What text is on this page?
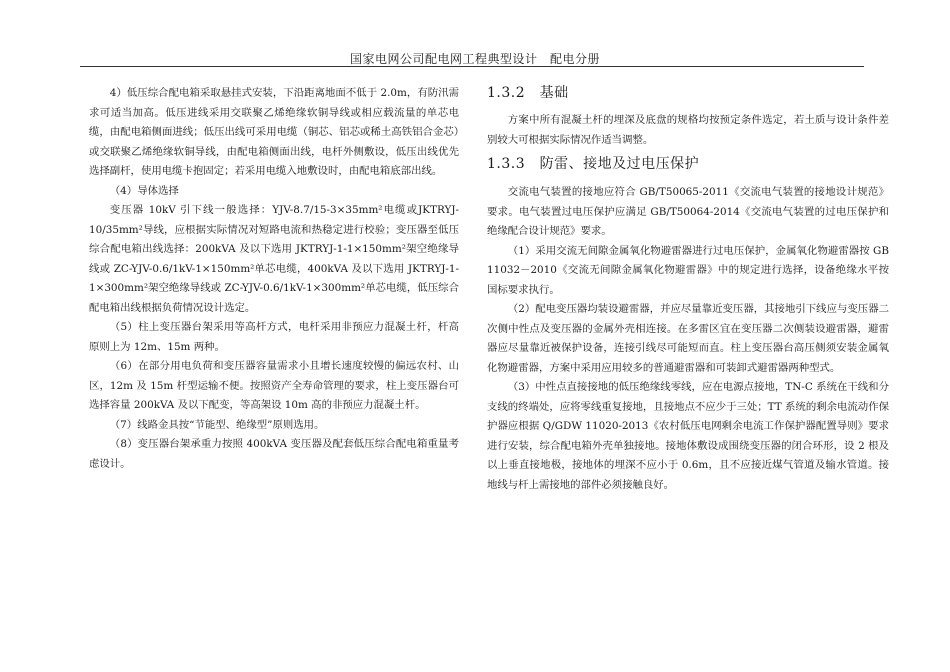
国家电网公司配电网工程典型设计　配电分册

4）低压综合配电箱采取悬挂式安装，下沿距离地面不低于 2.0m，有防汛需求可适当加高。低压进线采用交联聚乙烯绝缘软铜导线或相应载流量的单芯电缆，由配电箱侧面进线；低压出线可采用电缆（铜芯、铝芯或稀土高铁铝合金芯）或交联聚乙烯绝缘软铜导线，由配电箱侧面出线，电杆外侧敷设，低压出线优先选择副杆，使用电缆卡抱固定；若采用电缆入地敷设时，由配电箱底部出线。

（4）导体选择

变压器 10kV 引下线一般选择：YJV-8.7/15-3×35mm²电缆或JKTRYJ-10/35mm²导线，应根据实际情况对短路电流和热稳定进行校验；变压器至低压综合配电箱出线选择：200kVA 及以下选用 JKTRYJ-1-1×150mm²架空绝缘导线或 ZC-YJV-0.6/1kV-1×150mm²单芯电缆，400kVA 及以下选用 JKTRYJ-1-1×300mm²架空绝缘导线或 ZC-YJV-0.6/1kV-1×300mm²单芯电缆，低压综合配电箱出线根据负荷情况设计选定。

（5）柱上变压器台架采用等高杆方式，电杆采用非预应力混凝土杆，杆高原则上为 12m、15m 两种。

（6）在部分用电负荷和变压器容量需求小且增长速度较慢的偏远农村、山区，12m 及 15m 杆型运输不便。按照资产全寿命管理的要求，柱上变压器台可选择容量 200kVA 及以下配变，等高架设 10m 高的非预应力混凝土杆。

（7）线路金具按“节能型、绝缘型”原则选用。

（8）变压器台架承重力按照 400kVA 变压器及配套低压综合配电箱重量考虑设计。

1.3.2　基础

方案中所有混凝土杆的埋深及底盘的规格均按预定条件选定，若土质与设计条件差别较大可根据实际情况作适当调整。

1.3.3　防雷、接地及过电压保护

交流电气装置的接地应符合 GB/T50065-2011《交流电气装置的接地设计规范》要求。电气装置过电压保护应满足 GB/T50064-2014《交流电气装置的过电压保护和绝缘配合设计规范》要求。

（1）采用交流无间隙金属氧化物避雷器进行过电压保护，金属氧化物避雷器按 GB 11032－2010《交流无间隙金属氧化物避雷器》中的规定进行选择，设备绝缘水平按国标要求执行。

（2）配电变压器均装设避雷器，并应尽量靠近变压器，其接地引下线应与变压器二次侧中性点及变压器的金属外壳相连接。在多雷区宜在变压器二次侧装设避雷器，避雷器应尽量靠近被保护设备，连接引线尽可能短而直。柱上变压器台高压侧须安装金属氧化物避雷器，方案中采用应用较多的普通避雷器和可装卸式避雷器两种型式。

（3）中性点直接接地的低压绝缘线零线，应在电源点接地，TN-C 系统在干线和分支线的终端处，应将零线重复接地，且接地点不应少于三处；TT 系统的剩余电流动作保护器应根据 Q/GDW 11020-2013《农村低压电网剩余电流工作保护器配置导则》要求进行安装，综合配电箱外壳单独接地。接地体敷设成围绕变压器的闭合环形，设 2 根及以上垂直接地极，接地体的埋深不应小于 0.6m，且不应接近煤气管道及输水管道。接地线与杆上需接地的部件必须接触良好。
